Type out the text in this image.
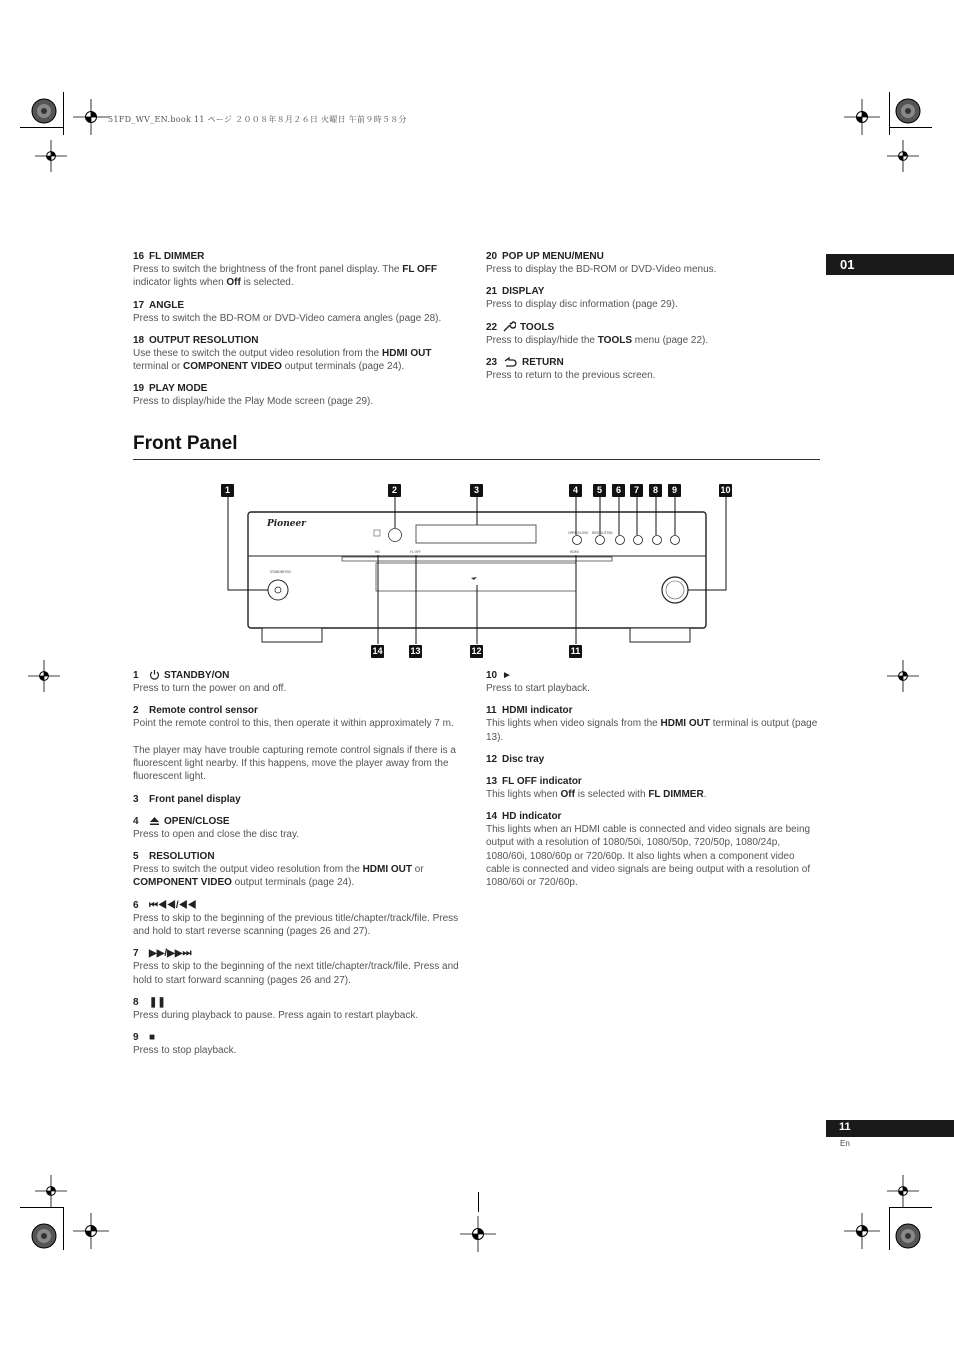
51FD_WV_EN.book 11 ページ ２００８年８月２６日 火曜日 午前９時５８分
01
16 FL DIMMER
Press to switch the brightness of the front panel display. The FL OFF indicator lights when Off is selected.
17 ANGLE
Press to switch the BD-ROM or DVD-Video camera angles (page 28).
18 OUTPUT RESOLUTION
Use these to switch the output video resolution from the HDMI OUT terminal or COMPONENT VIDEO output terminals (page 24).
19 PLAY MODE
Press to display/hide the Play Mode screen (page 29).
20 POP UP MENU/MENU
Press to display the BD-ROM or DVD-Video menus.
21 DISPLAY
Press to display disc information (page 29).
22 TOOLS
Press to display/hide the TOOLS menu (page 22).
23 RETURN
Press to return to the previous screen.
Front Panel
Pioneer
OPEN/CLOSE RESOLUTION
HDMI
FL OFF
HD
STANDBY/ON
1	2	3	4	5	6	7	8	9	10
14	13	12	11
1	STANDBY/ON
Press to turn the power on and off.
2 Remote control sensor
Point the remote control to this, then operate it within approximately 7 m.

The player may have trouble capturing remote control signals if there is a fluorescent light nearby. If this happens, move the player away from the fluorescent light.
3 Front panel display
4	OPEN/CLOSE
Press to open and close the disc tray.
5 RESOLUTION
Press to switch the output video resolution from the HDMI OUT or COMPONENT VIDEO output terminals (page 24).
6 ⏮◀◀/◀◀
Press to skip to the beginning of the previous title/chapter/track/file. Press and hold to start reverse scanning (pages 26 and 27).
7 ▶▶/▶▶⏭
Press to skip to the beginning of the next title/chapter/track/file. Press and hold to start forward scanning (pages 26 and 27).
8 ❚❚
Press during playback to pause. Press again to restart playback.
9 ■
Press to stop playback.
10 ►
Press to start playback.
11 HDMI indicator
This lights when video signals from the HDMI OUT terminal is output (page 13).
12 Disc tray
13 FL OFF indicator
This lights when Off is selected with FL DIMMER.
14 HD indicator
This lights when an HDMI cable is connected and video signals are being output with a resolution of 1080/50i, 1080/50p, 720/50p, 1080/24p, 1080/60i, 1080/60p or 720/60p. It also lights when a component video cable is connected and video signals are being output with a resolution of 1080/60i or 720/60p.
11
En
